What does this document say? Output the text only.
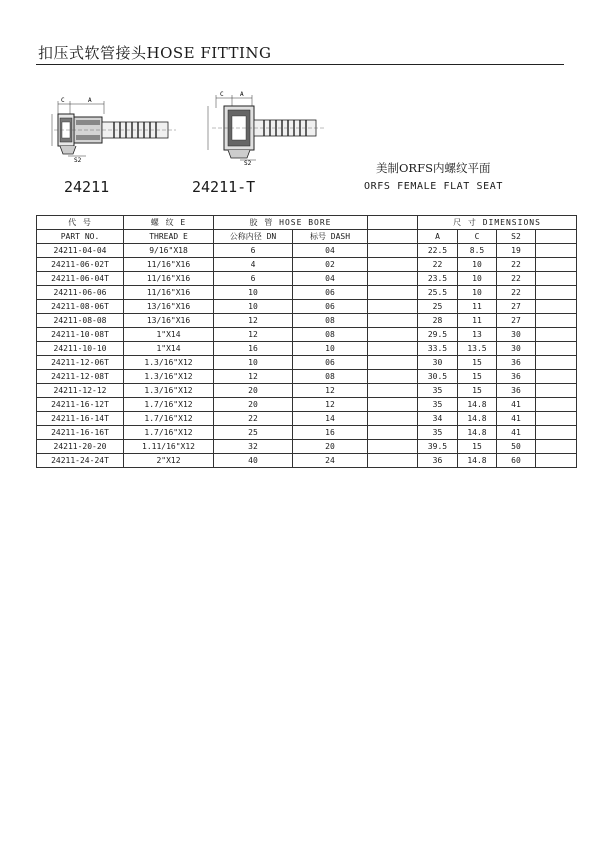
扣压式软管接头HOSE FITTING
C	A
S2
C	A
S2
24211	24211-T
美制ORFS内螺纹平面
ORFS FEMALE FLAT SEAT
代 号	螺 纹 E	胶 管 HOSE BORE			尺 寸 DIMENSIONS			
PART NO.	THREAD E	公称内径 DN	标号 DASH		A	C	S2	
24211-04-04	9/16"X18	6	04		22.5	8.5	19	
24211-06-02T	11/16"X16	4	02		22	10	22	
24211-06-04T	11/16"X16	6	04		23.5	10	22	
24211-06-06	11/16"X16	10	06		25.5	10	22	
24211-08-06T	13/16"X16	10	06		25	11	27	
24211-08-08	13/16"X16	12	08		28	11	27	
24211-10-08T	1"X14	12	08		29.5	13	30	
24211-10-10	1"X14	16	10		33.5	13.5	30	
24211-12-06T	1.3/16"X12	10	06		30	15	36	
24211-12-08T	1.3/16"X12	12	08		30.5	15	36	
24211-12-12	1.3/16"X12	20	12		35	15	36	
24211-16-12T	1.7/16"X12	20	12		35	14.8	41	
24211-16-14T	1.7/16"X12	22	14		34	14.8	41	
24211-16-16T	1.7/16"X12	25	16		35	14.8	41	
24211-20-20	1.11/16"X12	32	20		39.5	15	50	
24211-24-24T	2"X12	40	24		36	14.8	60	
